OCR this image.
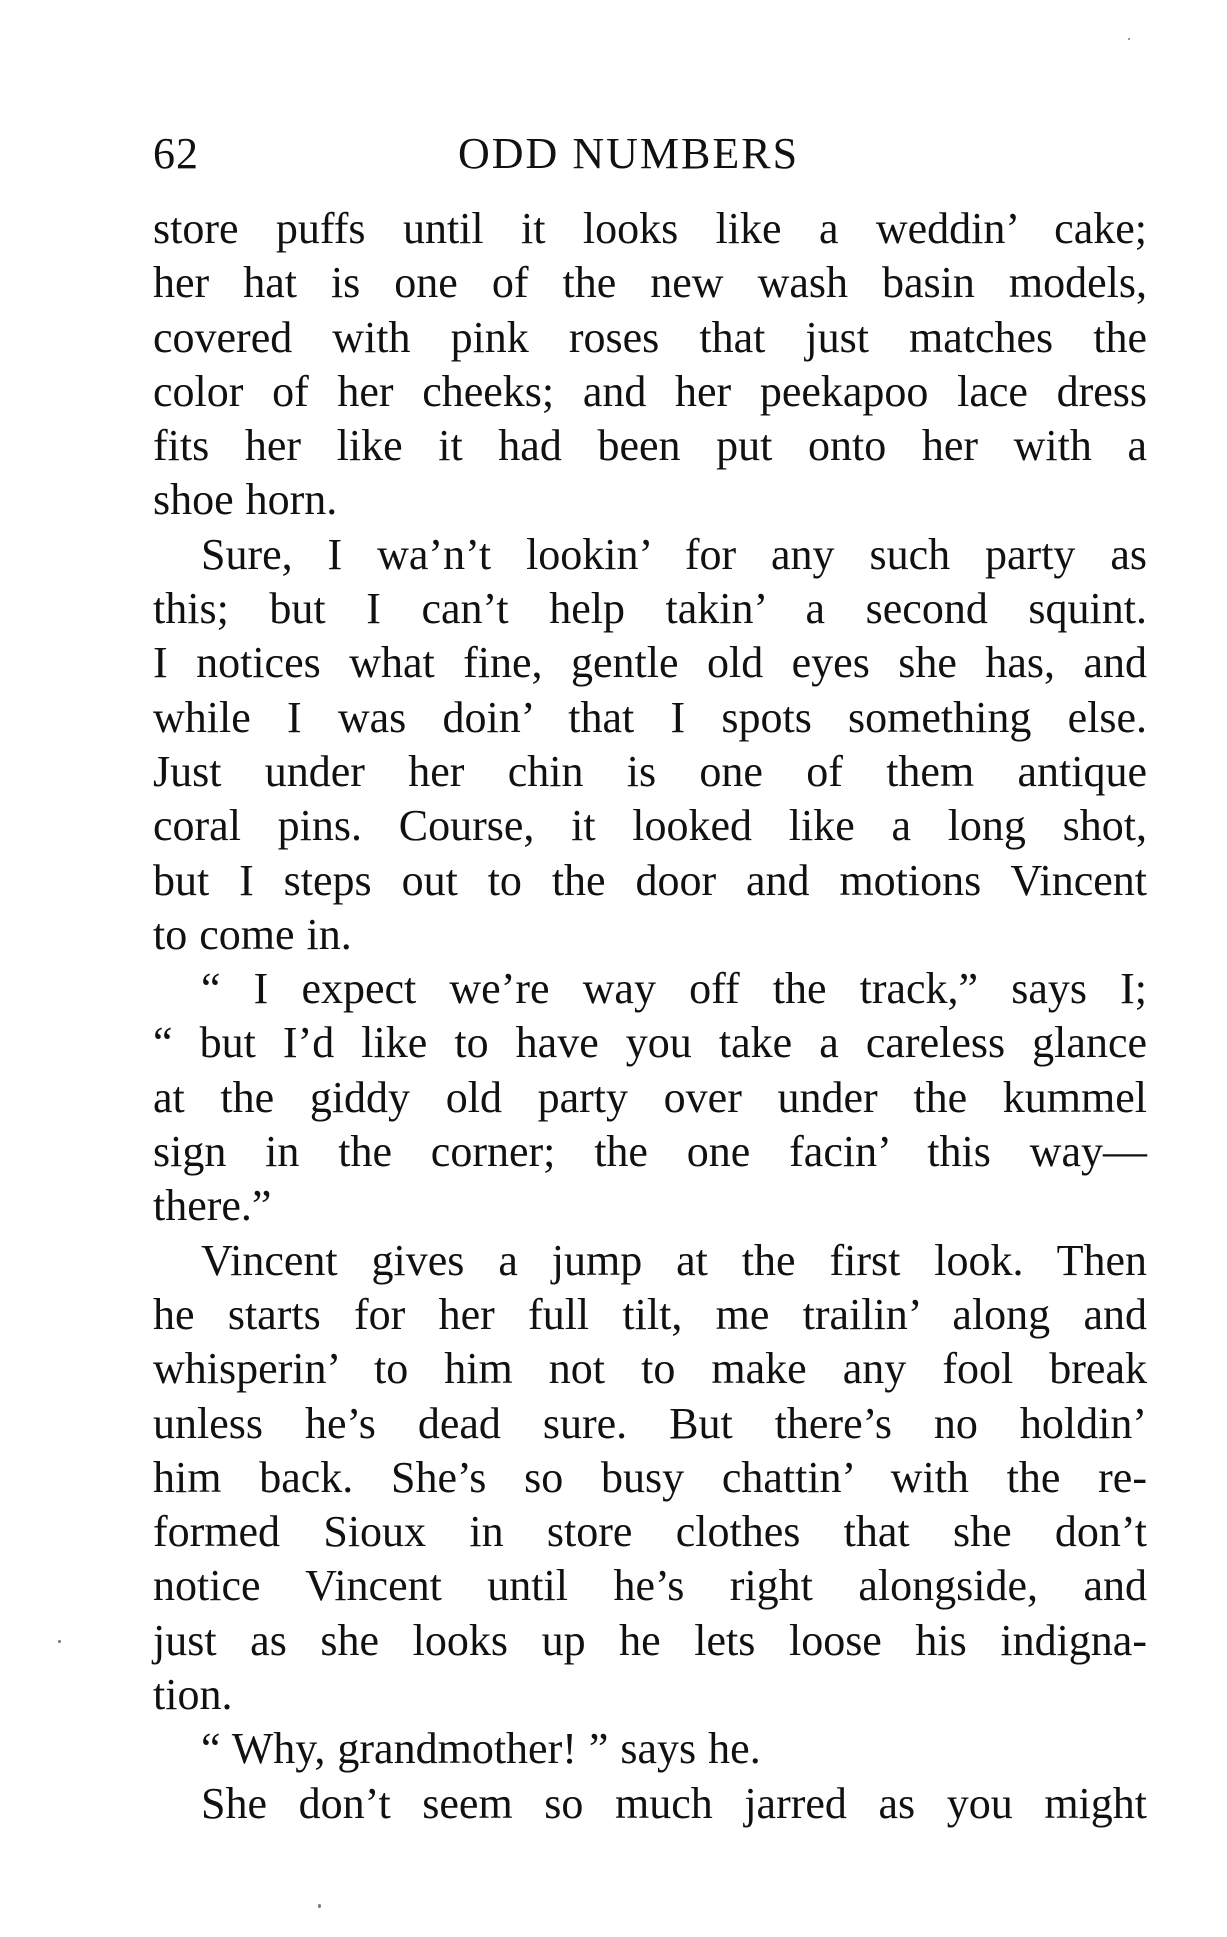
62	ODD NUMBERS
store puffs until it looks like a weddin’ cake;
her hat is one of the new wash basin models,
covered with pink roses that just matches the
color of her cheeks; and her peekapoo lace dress
fits her like it had been put onto her with a
shoe horn.
Sure, I wa’n’t lookin’ for any such party as
this; but I can’t help takin’ a second squint.
I notices what fine, gentle old eyes she has, and
while I was doin’ that I spots something else.
Just under her chin is one of them antique
coral pins. Course, it looked like a long shot,
but I steps out to the door and motions Vincent
to come in.
“ I expect we’re way off the track,” says I;
“ but I’d like to have you take a careless glance
at the giddy old party over under the kummel
sign in the corner; the one facin’ this way—
there.”
Vincent gives a jump at the first look. Then
he starts for her full tilt, me trailin’ along and
whisperin’ to him not to make any fool break
unless he’s dead sure. But there’s no holdin’
him back. She’s so busy chattin’ with the re-
formed Sioux in store clothes that she don’t
notice Vincent until he’s right alongside, and
just as she looks up he lets loose his indigna-
tion.
“ Why, grandmother! ” says he.
She don’t seem so much jarred as you might
